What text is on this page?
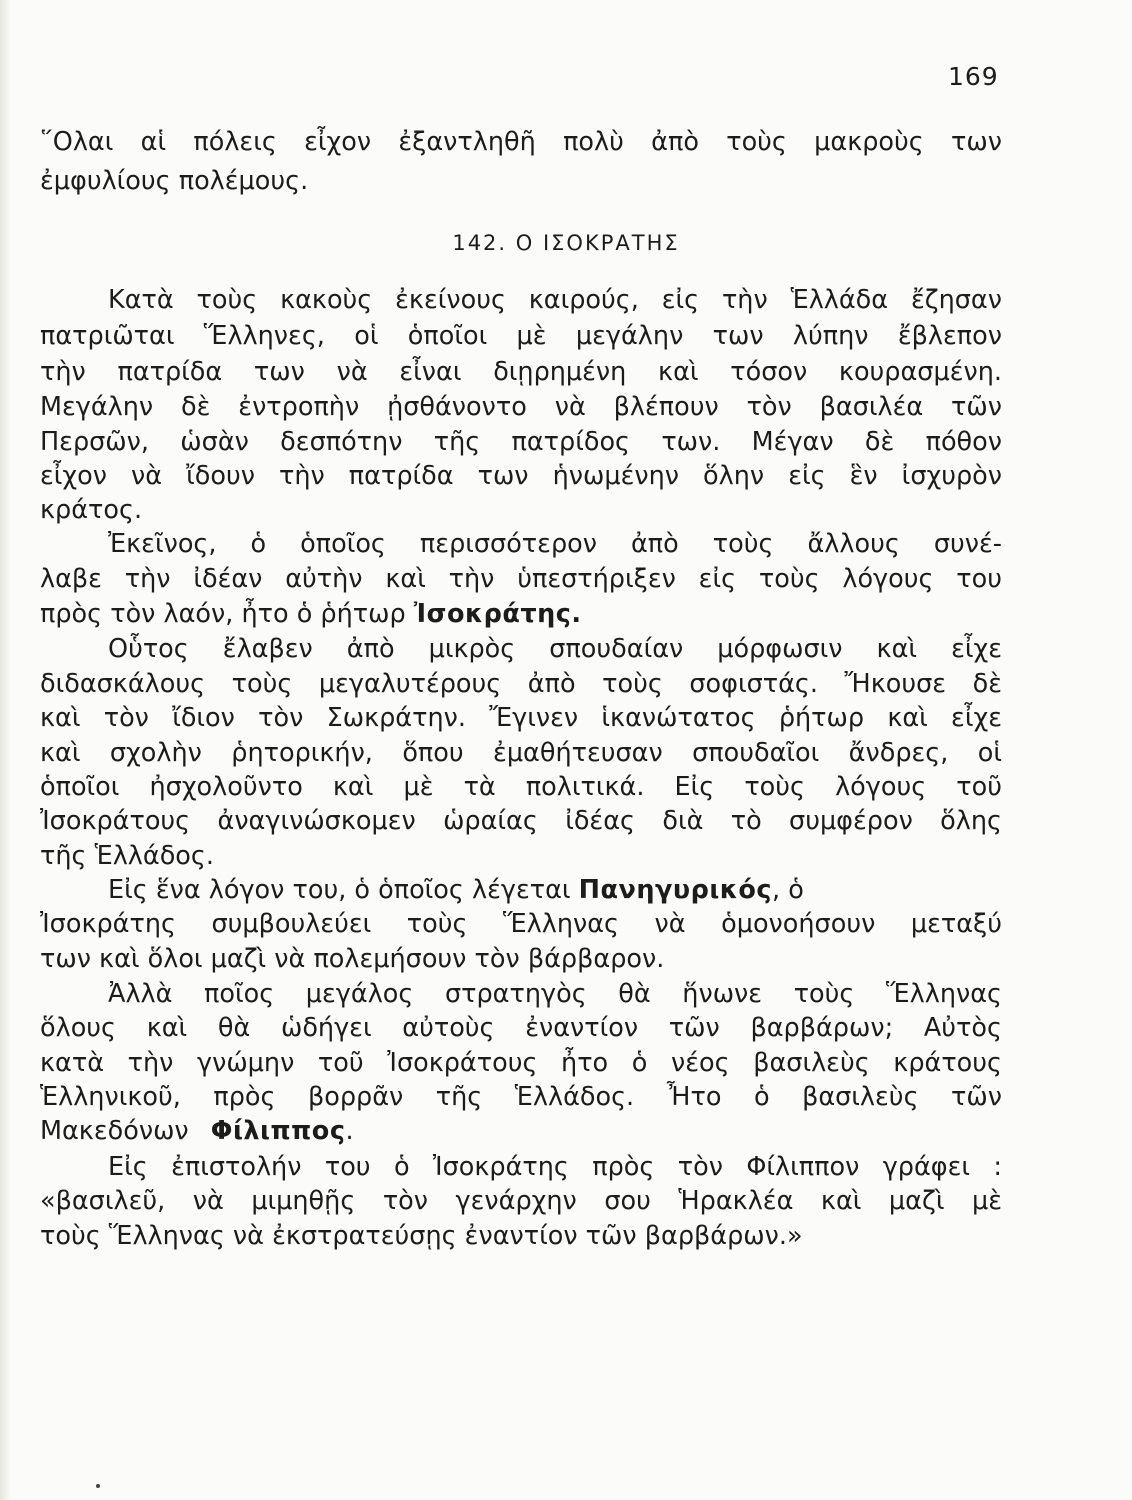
169
῞Ολαι αἱ πόλεις εἶχον ἐξαντληθῆ πολὺ ἀπὸ τοὺς μακροὺς των
ἐμφυλίους πολέμους.
142. Ο ΙΣΟΚΡΑΤΗΣ
Κατὰ τοὺς κακοὺς ἐκείνους καιρούς, εἰς τὴν Ἑλλάδα ἔζησαν
πατριῶται Ἕλληνες, οἱ ὁποῖοι μὲ μεγάλην των λύπην ἔβλεπον
τὴν πατρίδα των νὰ εἶναι διῃρημένη καὶ τόσον κουρασμένη.
Μεγάλην δὲ ἐντροπὴν ᾐσθάνοντο νὰ βλέπουν τὸν βασιλέα τῶν
Περσῶν, ὡσὰν δεσπότην τῆς πατρίδος των. Μέγαν δὲ πόθον
εἶχον νὰ ἴδουν τὴν πατρίδα των ἡνωμένην ὅλην εἰς ἓν ἰσχυρὸν
κράτος.
Ἐκεῖνος, ὁ ὁποῖος περισσότερον ἀπὸ τοὺς ἄλλους συνέ-
λαβε τὴν ἰδέαν αὐτὴν καὶ τὴν ὑπεστήριξεν εἰς τοὺς λόγους του
πρὸς τὸν λαόν, ἦτο ὁ ῥήτωρ Ἰσοκράτης.
Οὗτος ἔλαβεν ἀπὸ μικρὸς σπουδαίαν μόρφωσιν καὶ εἶχε
διδασκάλους τοὺς μεγαλυτέρους ἀπὸ τοὺς σοφιστάς. Ἤκουσε δὲ
καὶ τὸν ἴδιον τὸν Σωκράτην. Ἔγινεν ἱκανώτατος ῥήτωρ καὶ εἶχε
καὶ σχολὴν ῥητορικήν, ὅπου ἐμαθήτευσαν σπουδαῖοι ἄνδρες, οἱ
ὁποῖοι ἠσχολοῦντο καὶ μὲ τὰ πολιτικά. Εἰς τοὺς λόγους τοῦ
Ἰσοκράτους ἀναγινώσκομεν ὡραίας ἰδέας διὰ τὸ συμφέρον ὅλης
τῆς Ἑλλάδος.
Εἰς ἕνα λόγον του, ὁ ὁποῖος λέγεται Πανηγυρικός, ὁ
Ἰσοκράτης συμβουλεύει τοὺς Ἕλληνας νὰ ὁμονοήσουν μεταξύ
των καὶ ὅλοι μαζὶ νὰ πολεμήσουν τὸν βάρβαρον.
Ἀλλὰ ποῖος μεγάλος στρατηγὸς θὰ ἥνωνε τοὺς Ἕλληνας
ὅλους καὶ θὰ ὡδήγει αὐτοὺς ἐναντίον τῶν βαρβάρων; Αὐτὸς
κατὰ τὴν γνώμην τοῦ Ἰσοκράτους ἦτο ὁ νέος βασιλεὺς κράτους
Ἑλληνικοῦ, πρὸς βορρᾶν τῆς Ἑλλάδος. Ἦτο ὁ βασιλεὺς τῶν
Μακεδόνων Φίλιππος.
Εἰς ἐπιστολήν του ὁ Ἰσοκράτης πρὸς τὸν Φίλιππον γράφει :
«βασιλεῦ, νὰ μιμηθῇς τὸν γενάρχην σου Ἡρακλέα καὶ μαζὶ μὲ
τοὺς Ἕλληνας νὰ ἐκστρατεύσῃς ἐναντίον τῶν βαρβάρων.»
